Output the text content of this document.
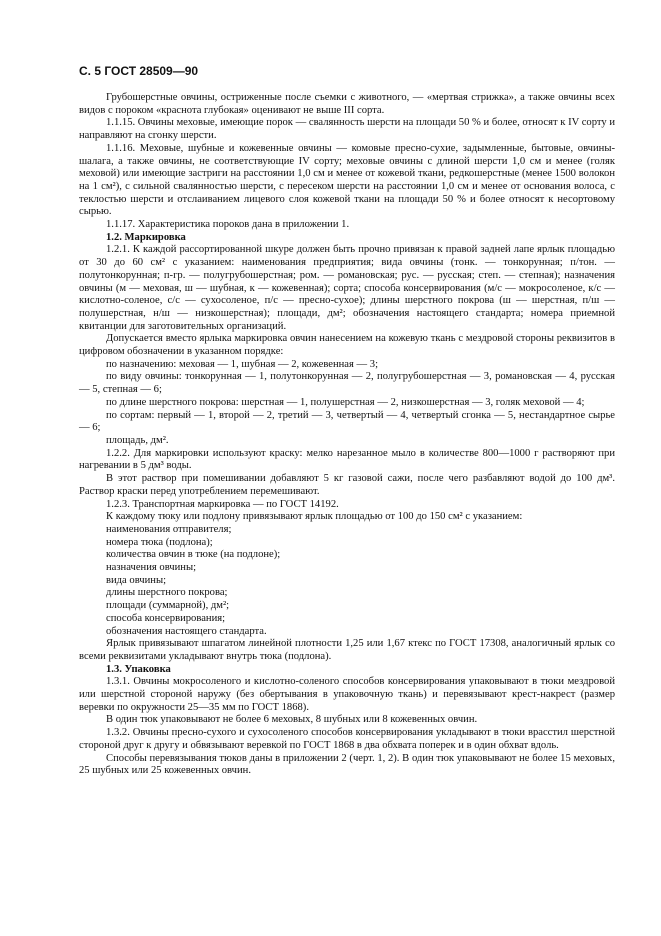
С. 5 ГОСТ 28509—90

Грубошерстные овчины, остриженные после съемки с животного, — «мертвая стрижка», а также овчины всех видов с пороком «краснота глубокая» оценивают не выше III сорта.

1.1.15. Овчины меховые, имеющие порок — свалянность шерсти на площади 50 % и более, относят к IV сорту и направляют на сгонку шерсти.

1.1.16. Меховые, шубные и кожевенные овчины — комовые пресно-сухие, задымленные, бытовые, овчины-шалага, а также овчины, не соответствующие IV сорту; меховые овчины с длиной шерсти 1,0 см и менее (голяк меховой) или имеющие застриги на расстоянии 1,0 см и менее от кожевой ткани, редкошерстные (менее 1500 волокон на 1 см²), с сильной свалянностью шерсти, с пересеком шерсти на расстоянии 1,0 см и менее от основания волоса, с теклостью шерсти и отслаиванием лицевого слоя кожевой ткани на площади 50 % и более относят к несортовому сырью.

1.1.17. Характеристика пороков дана в приложении 1.

1.2. Маркировка

1.2.1. К каждой рассортированной шкуре должен быть прочно привязан к правой задней лапе ярлык площадью от 30 до 60 см² с указанием: наименования предприятия; вида овчины (тонк. — тонкорунная; п/тон. — полутонкорунная; п-гр. — полугрубошерстная; ром. — романовская; рус. — русская; степ. — степная); назначения овчины (м — меховая, ш — шубная, к — кожевенная); сорта; способа консервирования (м/с — мокросоленое, к/с — кислотно-соленое, с/с — сухосоленое, п/с — пресно-сухое); длины шерстного покрова (ш — шерстная, п/ш — полушерстная, н/ш — низкошерстная); площади, дм²; обозначения настоящего стандарта; номера приемной квитанции для заготовительных организаций.

Допускается вместо ярлыка маркировка овчин нанесением на кожевую ткань с мездровой стороны реквизитов в цифровом обозначении в указанном порядке:

по назначению: меховая — 1, шубная — 2, кожевенная — 3;

по виду овчины: тонкорунная — 1, полутонкорунная — 2, полугрубошерстная — 3, романовская — 4, русская — 5, степная — 6;

по длине шерстного покрова: шерстная — 1, полушерстная — 2, низкошерстная — 3, голяк меховой — 4;

по сортам: первый — 1, второй — 2, третий — 3, четвертый — 4, четвертый сгонка — 5, нестандартное сырье — 6;

площадь, дм².

1.2.2. Для маркировки используют краску: мелко нарезанное мыло в количестве 800—1000 г растворяют при нагревании в 5 дм³ воды.

В этот раствор при помешивании добавляют 5 кг газовой сажи, после чего разбавляют водой до 100 дм³. Раствор краски перед употреблением перемешивают.

1.2.3. Транспортная маркировка — по ГОСТ 14192.

К каждому тюку или подлону привязывают ярлык площадью от 100 до 150 см² с указанием:

наименования отправителя;

номера тюка (подлона);

количества овчин в тюке (на подлоне);

назначения овчины;

вида овчины;

длины шерстного покрова;

площади (суммарной), дм²;

способа консервирования;

обозначения настоящего стандарта.

Ярлык привязывают шпагатом линейной плотности 1,25 или 1,67 ктекс по ГОСТ 17308, аналогичный ярлык со всеми реквизитами укладывают внутрь тюка (подлона).

1.3. Упаковка

1.3.1. Овчины мокросоленого и кислотно-соленого способов консервирования упаковывают в тюки мездровой или шерстной стороной наружу (без обертывания в упаковочную ткань) и перевязывают крест-накрест (размер веревки по окружности 25—35 мм по ГОСТ 1868).

В один тюк упаковывают не более 6 меховых, 8 шубных или 8 кожевенных овчин.

1.3.2. Овчины пресно-сухого и сухосоленого способов консервирования укладывают в тюки врасстил шерстной стороной друг к другу и обвязывают веревкой по ГОСТ 1868 в два обхвата поперек и в один обхват вдоль.

Способы перевязывания тюков даны в приложении 2 (черт. 1, 2). В один тюк упаковывают не более 15 меховых, 25 шубных или 25 кожевенных овчин.
